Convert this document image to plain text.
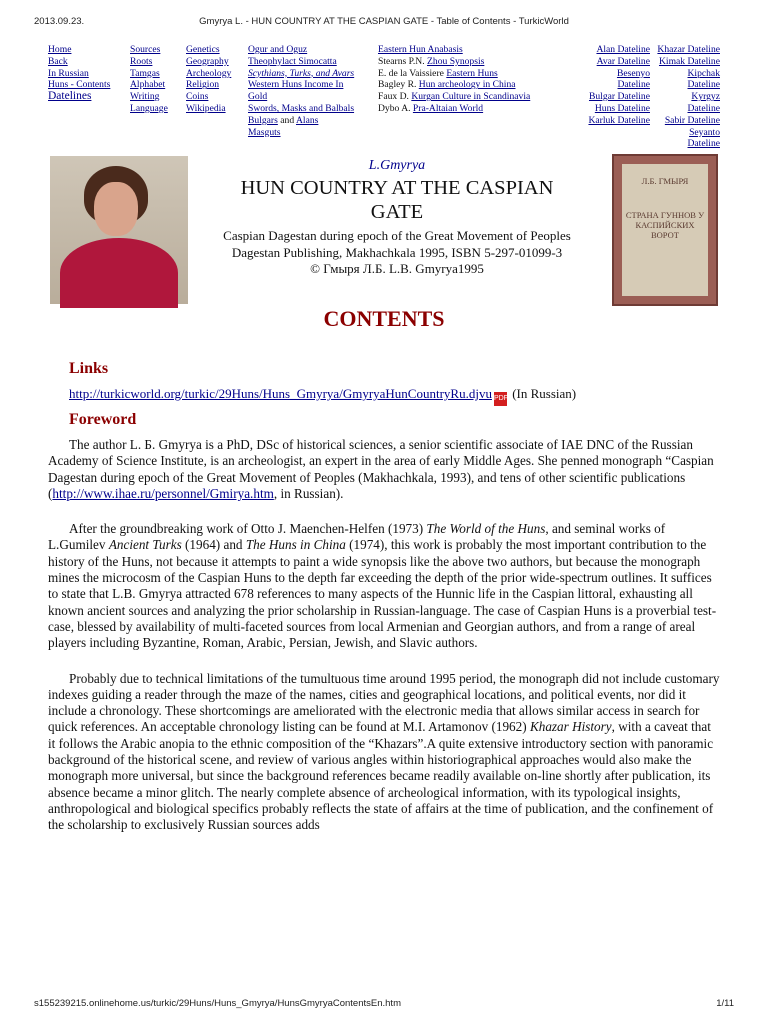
2013.09.23.	Gmyrya L. - HUN COUNTRY AT THE CASPIAN GATE - Table of Contents - TurkicWorld
Home
Back
In Russian
Huns - Contents
Datelines
Sources
Roots
Tamgas
Alphabet
Writing
Language
Genetics
Geography
Archeology
Religion
Coins
Wikipedia
Ogur and Oguz
Theophylact Simocatta
Scythians, Turks, and Avars
Western Huns Income In
Gold
Swords, Masks and Balbals
Bulgars and Alans
Masguts
Eastern Hun Anabasis
Stearns P.N. Zhou Synopsis
E. de la Vaissiere Eastern Huns
Bagley R. Hun archeology in China
Faux D. Kurgan Culture in Scandinavia
Dybo A. Pra-Altaian World
Alan Dateline
Avar Dateline
Besenyo
Dateline
Bulgar Dateline
Huns Dateline
Karluk Dateline
Khazar Dateline
Kimak Dateline
Kipchak
Dateline
Kyrgyz
Dateline
Sabir Dateline
Seyanto
Dateline
L.Gmyrya
HUN COUNTRY AT THE CASPIAN
GATE
Caspian Dagestan during epoch of the Great Movement of Peoples
Dagestan Publishing, Makhachkala 1995, ISBN 5-297-01099-3
© Гмыря Л.Б. L.B. Gmyrya1995
Л.Б. ГМЫРЯ
СТРАНА ГУННОВ У КАСПИЙСКИХ ВОРОТ
CONTENTS
Links
http://turkicworld.org/turkic/29Huns/Huns_Gmyrya/GmyryaHunCountryRu.djvu PDF (In Russian)
Foreword

The author L. Б. Gmyrya is a PhD, DSc of historical sciences, a senior scientific associate of IAE DNC of the Russian Academy of Science Institute, is an archeologist, an expert in the area of early Middle Ages. She penned monograph “Caspian Dagestan during epoch of the Great Movement of Peoples (Makhachkala, 1993), and tens of other scientific publications (http://www.ihae.ru/personnel/Gmirya.htm, in Russian).

After the groundbreaking work of Otto J. Maenchen-Helfen (1973) The World of the Huns, and seminal works of L.Gumilev Ancient Turks (1964) and The Huns in China (1974), this work is probably the most important contribution to the history of the Huns, not because it attempts to paint a wide synopsis like the above two authors, but because the monograph mines the microcosm of the Caspian Huns to the depth far exceeding the depth of the prior wide-spectrum outlines. It suffices to state that L.B. Gmyrya attracted 678 references to many aspects of the Hunnic life in the Caspian littoral, exhausting all known ancient sources and analyzing the prior scholarship in Russian-language. The case of Caspian Huns is a proverbial test-case, blessed by availability of multi-faceted sources from local Armenian and Georgian authors, and from a range of areal players including Byzantine, Roman, Arabic, Persian, Jewish, and Slavic authors.

Probably due to technical limitations of the tumultuous time around 1995 period, the monograph did not include customary indexes guiding a reader through the maze of the names, cities and geographical locations, and political events, nor did it include a chronology. These shortcomings are ameliorated with the electronic media that allows similar access in search for quick references. An acceptable chronology listing can be found at M.I. Artamonov (1962) Khazar History, with a caveat that it follows the Arabic anopia to the ethnic composition of the “Khazars”.A quite extensive introductory section with panoramic background of the historical scene, and review of various angles within historiographical approaches would also make the monograph more universal, but since the background references became readily available on-line shortly after publication, its absence became a minor glitch. The nearly complete absence of archeological information, with its typological insights, anthropological and biological specifics probably reflects the state of affairs at the time of publication, and the confinement of the scholarship to exclusively Russian sources adds

s155239215.onlinehome.us/turkic/29Huns/Huns_Gmyrya/HunsGmyryaContentsEn.htm	1/11
